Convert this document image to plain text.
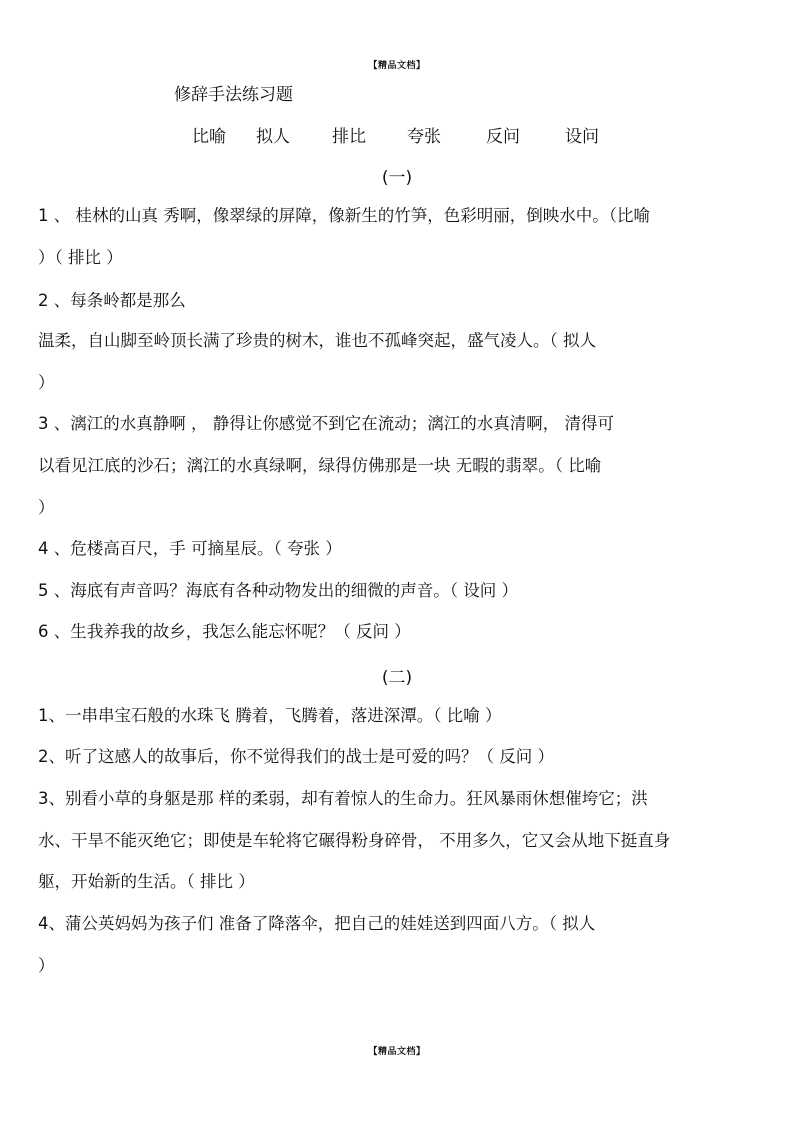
【精品文档】
修辞手法练习题
比喻 拟人 排比 夸张	反问	设问
(一)
1 、 桂林的山真 秀啊，像翠绿的屏障，像新生的竹笋，色彩明丽，倒映水中。（比喻
）（ 排比 ）
2 、每条岭都是那么
温柔，自山脚至岭顶长满了珍贵的树木，谁也不孤峰突起，盛气凌人。（ 拟人
）
3 、漓江的水真静啊 ， 静得让你感觉不到它在流动；漓江的水真清啊， 清得可
以看见江底的沙石；漓江的水真绿啊，绿得仿佛那是一块 无暇的翡翠。（ 比喻
）
4 、危楼高百尺，手 可摘星辰。（ 夸张 ）
5 、海底有声音吗？海底有各种动物发出的细微的声音。（ 设问 ）
6 、生我养我的故乡，我怎么能忘怀呢？（ 反问 ）
(二)
1、一串串宝石般的水珠飞 腾着，飞腾着，落进深潭。（ 比喻 ）
2、听了这感人的故事后，你不觉得我们的战士是可爱的吗？（ 反问 ）
3、别看小草的身躯是那 样的柔弱，却有着惊人的生命力。狂风暴雨休想催垮它；洪
水、干旱不能灭绝它；即使是车轮将它碾得粉身碎骨， 不用多久，它又会从地下挺直身
躯，开始新的生活。（ 排比 ）
4、蒲公英妈妈为孩子们 准备了降落伞，把自己的娃娃送到四面八方。（ 拟人
）
【精品文档】
